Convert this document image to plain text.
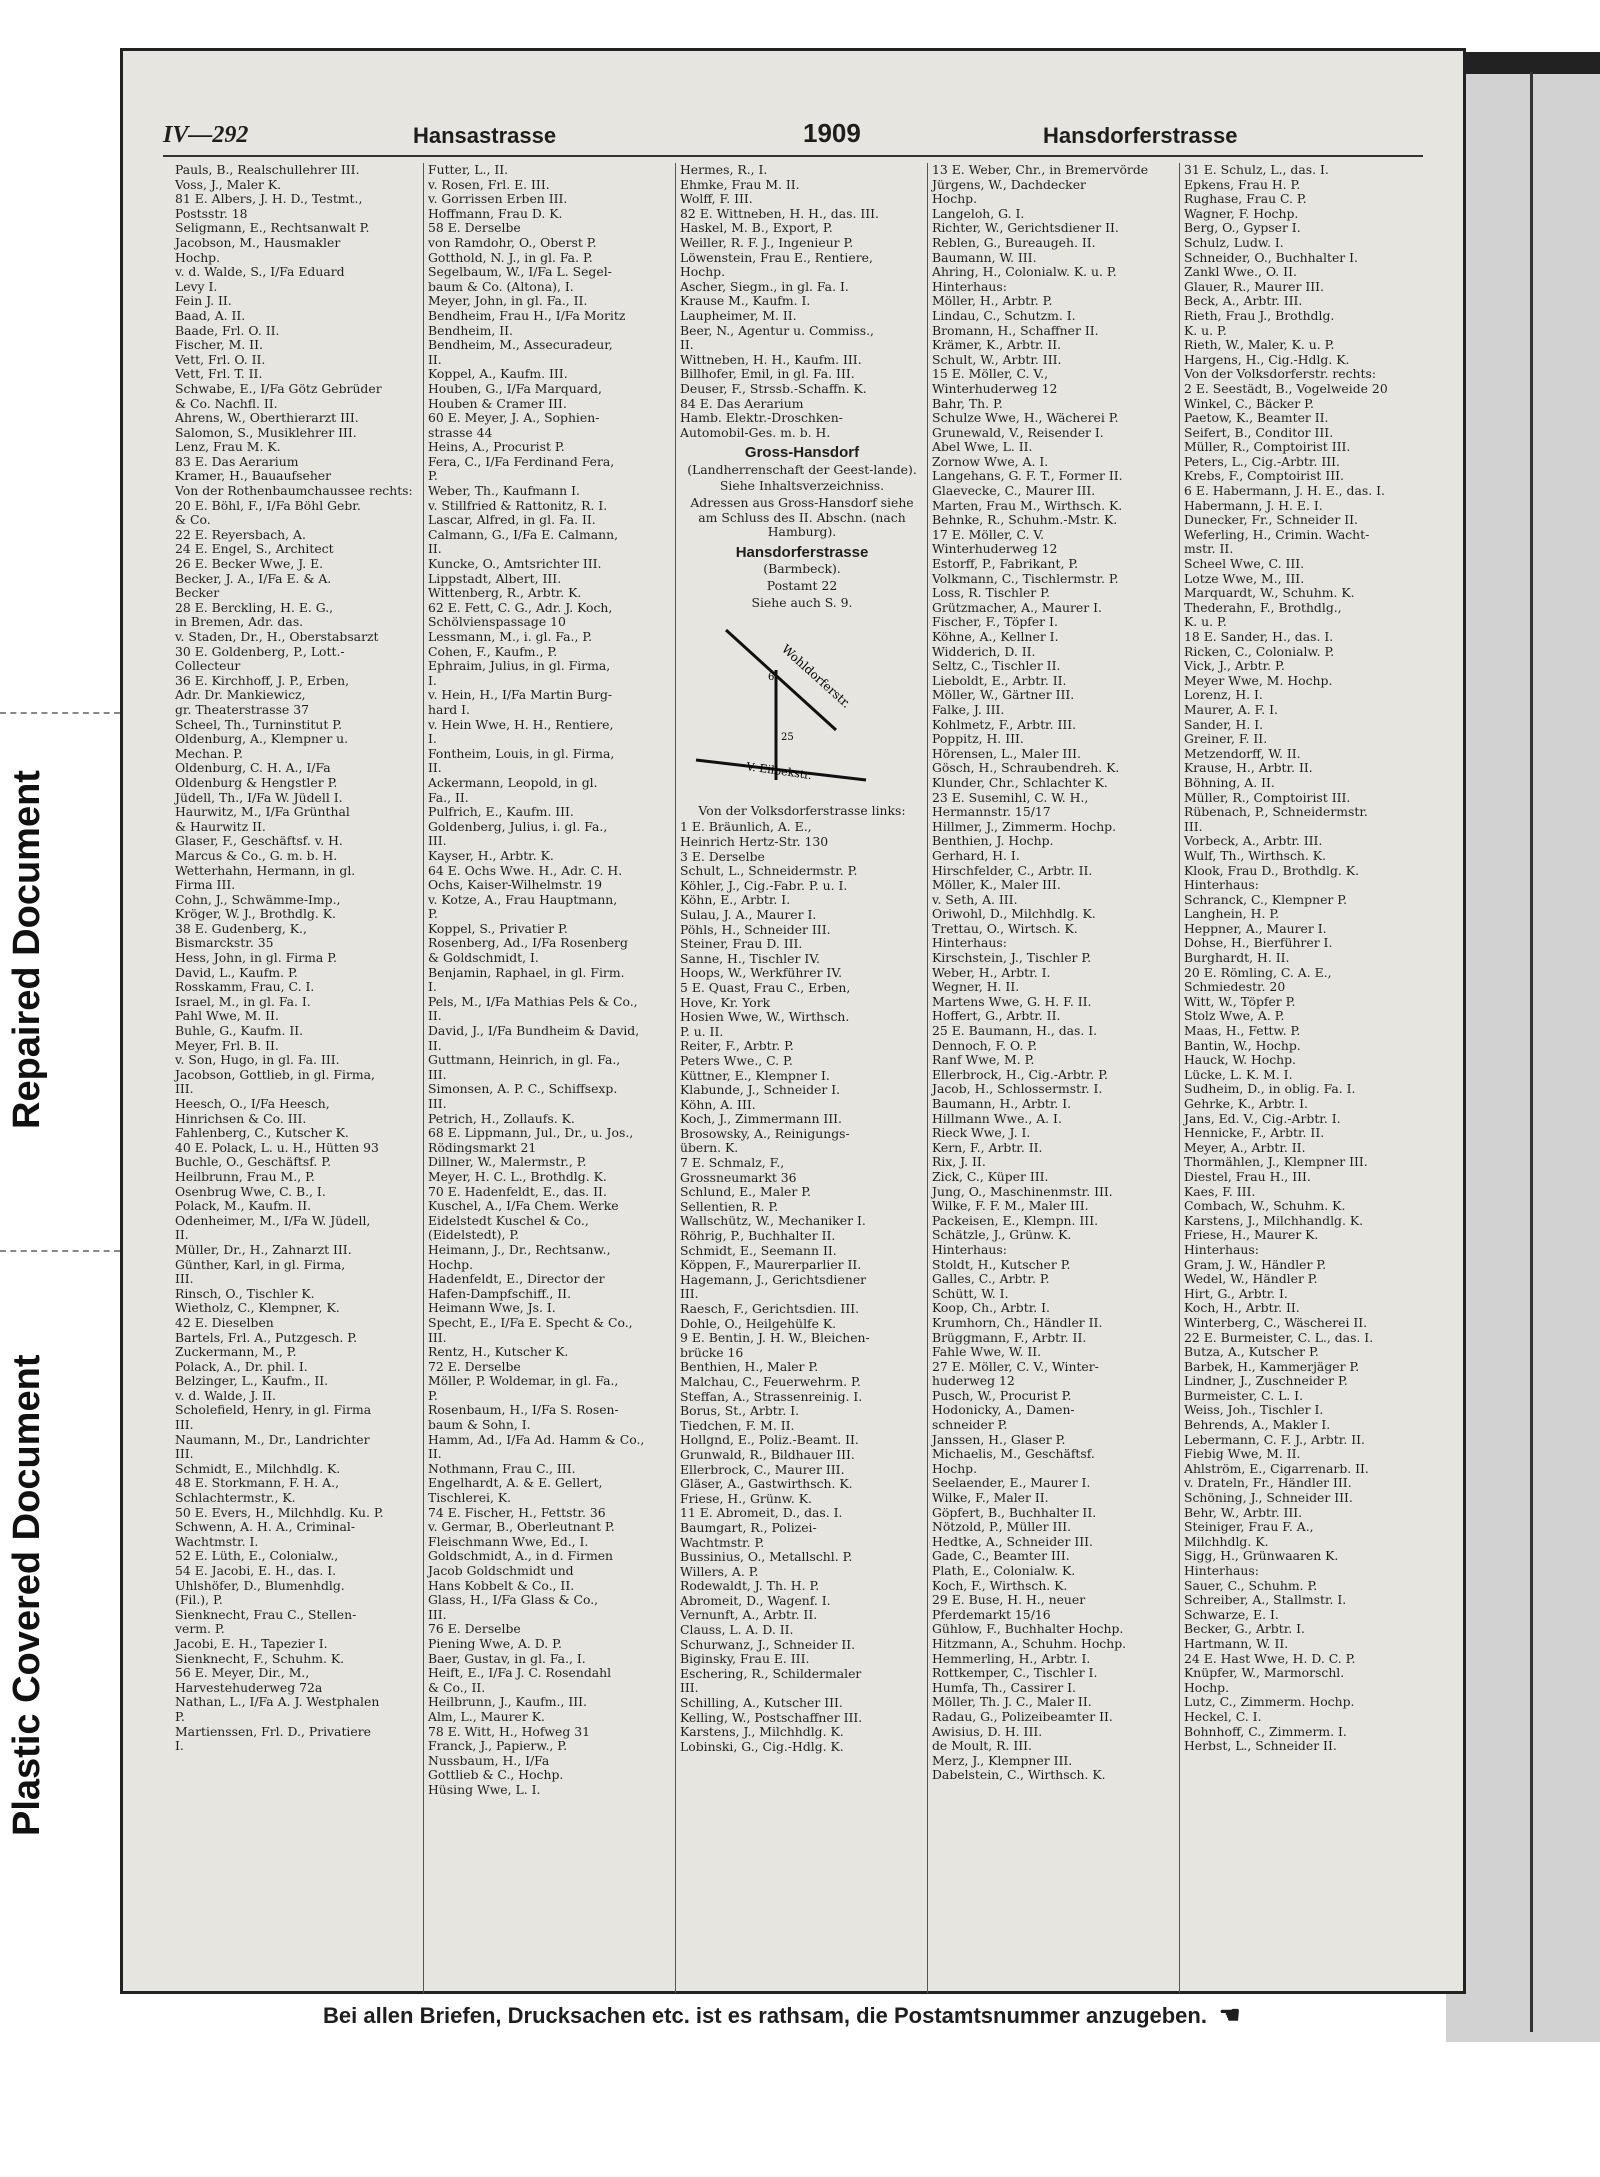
Repaired Document
Plastic Covered Document
IV—292	Hansastrasse	1909	Hansdorferstrasse
Pauls, B., Realschullehrer III.
Voss, J., Maler K.
81 E. Albers, J. H. D., Testmt.,
Postsstr. 18
Seligmann, E., Rechtsanwalt P.
Jacobson, M., Hausmakler
Hochp.
v. d. Walde, S., I/Fa Eduard
Levy I.
Fein J. II.
Baad, A. II.
Baade, Frl. O. II.
Fischer, M. II.
Vett, Frl. O. II.
Vett, Frl. T. II.
Schwabe, E., I/Fa Götz Gebrüder
& Co. Nachfl. II.
Ahrens, W., Oberthierarzt III.
Salomon, S., Musiklehrer III.
Lenz, Frau M. K.
83 E. Das Aerarium
Kramer, H., Bauaufseher
Von der Rothenbaumchaussee rechts:
20 E. Böhl, F., I/Fa Böhl Gebr.
& Co.
22 E. Reyersbach, A.
24 E. Engel, S., Architect
26 E. Becker Wwe, J. E.
Becker, J. A., I/Fa E. & A.
Becker
28 E. Berckling, H. E. G.,
in Bremen, Adr. das.
v. Staden, Dr., H., Oberstabsarzt
30 E. Goldenberg, P., Lott.-
Collecteur
36 E. Kirchhoff, J. P., Erben,
Adr. Dr. Mankiewicz,
gr. Theaterstrasse 37
Scheel, Th., Turninstitut P.
Oldenburg, A., Klempner u.
Mechan. P.
Oldenburg, C. H. A., I/Fa
Oldenburg & Hengstler P.
Jüdell, Th., I/Fa W. Jüdell I.
Haurwitz, M., I/Fa Grünthal
& Haurwitz II.
Glaser, F., Geschäftsf. v. H.
Marcus & Co., G. m. b. H.
Wetterhahn, Hermann, in gl.
Firma III.
Cohn, J., Schwämme-Imp.,
Kröger, W. J., Brothdlg. K.
38 E. Gudenberg, K.,
Bismarckstr. 35
Hess, John, in gl. Firma P.
David, L., Kaufm. P.
Rosskamm, Frau, C. I.
Israel, M., in gl. Fa. I.
Pahl Wwe, M. II.
Buhle, G., Kaufm. II.
Meyer, Frl. B. II.
v. Son, Hugo, in gl. Fa. III.
Jacobson, Gottlieb, in gl. Firma,
III.
Heesch, O., I/Fa Heesch,
Hinrichsen & Co. III.
Fahlenberg, C., Kutscher K.
40 E. Polack, L. u. H., Hütten 93
Buchle, O., Geschäftsf. P.
Heilbrunn, Frau M., P.
Osenbrug Wwe, C. B., I.
Polack, M., Kaufm. II.
Odenheimer, M., I/Fa W. Jüdell,
II.
Müller, Dr., H., Zahnarzt III.
Günther, Karl, in gl. Firma,
III.
Rinsch, O., Tischler K.
Wietholz, C., Klempner, K.
42 E. Dieselben
Bartels, Frl. A., Putzgesch. P.
Zuckermann, M., P.
Polack, A., Dr. phil. I.
Belzinger, L., Kaufm., II.
v. d. Walde, J. II.
Scholefield, Henry, in gl. Firma
III.
Naumann, M., Dr., Landrichter
III.
Schmidt, E., Milchhdlg. K.
48 E. Storkmann, F. H. A.,
Schlachtermstr., K.
50 E. Evers, H., Milchhdlg. Ku. P.
Schwenn, A. H. A., Criminal-
Wachtmstr. I.
52 E. Lüth, E., Colonialw.,
54 E. Jacobi, E. H., das. I.
Uhlshöfer, D., Blumenhdlg.
(Fil.), P.
Sienknecht, Frau C., Stellen-
verm. P.
Jacobi, E. H., Tapezier I.
Sienknecht, F., Schuhm. K.
56 E. Meyer, Dir., M.,
Harvestehuderweg 72a
Nathan, L., I/Fa A. J. Westphalen
P.
Martienssen, Frl. D., Privatiere
I.
Futter, L., II.
v. Rosen, Frl. E. III.
v. Gorrissen Erben III.
Hoffmann, Frau D. K.
58 E. Derselbe
von Ramdohr, O., Oberst P.
Gotthold, N. J., in gl. Fa. P.
Segelbaum, W., I/Fa L. Segel-
baum & Co. (Altona), I.
Meyer, John, in gl. Fa., II.
Bendheim, Frau H., I/Fa Moritz
Bendheim, II.
Bendheim, M., Assecuradeur,
II.
Koppel, A., Kaufm. III.
Houben, G., I/Fa Marquard,
Houben & Cramer III.
60 E. Meyer, J. A., Sophien-
strasse 44
Heins, A., Procurist P.
Fera, C., I/Fa Ferdinand Fera,
P.
Weber, Th., Kaufmann I.
v. Stillfried & Rattonitz, R. I.
Lascar, Alfred, in gl. Fa. II.
Calmann, G., I/Fa E. Calmann,
II.
Kuncke, O., Amtsrichter III.
Lippstadt, Albert, III.
Wittenberg, R., Arbtr. K.
62 E. Fett, C. G., Adr. J. Koch,
Schölvienspassage 10
Lessmann, M., i. gl. Fa., P.
Cohen, F., Kaufm., P.
Ephraim, Julius, in gl. Firma,
I.
v. Hein, H., I/Fa Martin Burg-
hard I.
v. Hein Wwe, H. H., Rentiere,
I.
Fontheim, Louis, in gl. Firma,
II.
Ackermann, Leopold, in gl.
Fa., II.
Pulfrich, E., Kaufm. III.
Goldenberg, Julius, i. gl. Fa.,
III.
Kayser, H., Arbtr. K.
64 E. Ochs Wwe. H., Adr. C. H.
Ochs, Kaiser-Wilhelmstr. 19
v. Kotze, A., Frau Hauptmann,
P.
Koppel, S., Privatier P.
Rosenberg, Ad., I/Fa Rosenberg
& Goldschmidt, I.
Benjamin, Raphael, in gl. Firm.
I.
Pels, M., I/Fa Mathias Pels & Co.,
II.
David, J., I/Fa Bundheim & David,
II.
Guttmann, Heinrich, in gl. Fa.,
III.
Simonsen, A. P. C., Schiffsexp.
III.
Petrich, H., Zollaufs. K.
68 E. Lippmann, Jul., Dr., u. Jos.,
Rödingsmarkt 21
Dillner, W., Malermstr., P.
Meyer, H. C. L., Brothdlg. K.
70 E. Hadenfeldt, E., das. II.
Kuschel, A., I/Fa Chem. Werke
Eidelstedt Kuschel & Co.,
(Eidelstedt), P.
Heimann, J., Dr., Rechtsanw.,
Hochp.
Hadenfeldt, E., Director der
Hafen-Dampfschiff., II.
Heimann Wwe, Js. I.
Specht, E., I/Fa E. Specht & Co.,
III.
Rentz, H., Kutscher K.
72 E. Derselbe
Möller, P. Woldemar, in gl. Fa.,
P.
Rosenbaum, H., I/Fa S. Rosen-
baum & Sohn, I.
Hamm, Ad., I/Fa Ad. Hamm & Co.,
II.
Nothmann, Frau C., III.
Engelhardt, A. & E. Gellert,
Tischlerei, K.
74 E. Fischer, H., Fettstr. 36
v. Germar, B., Oberleutnant P.
Fleischmann Wwe, Ed., I.
Goldschmidt, A., in d. Firmen
Jacob Goldschmidt und
Hans Kobbelt & Co., II.
Glass, H., I/Fa Glass & Co.,
III.
76 E. Derselbe
Piening Wwe, A. D. P.
Baer, Gustav, in gl. Fa., I.
Heift, E., I/Fa J. C. Rosendahl
& Co., II.
Heilbrunn, J., Kaufm., III.
Alm, L., Maurer K.
78 E. Witt, H., Hofweg 31
Franck, J., Papierw., P.
Nussbaum, H., I/Fa
Gottlieb & C., Hochp.
Hüsing Wwe, L. I.
Hermes, R., I.
Ehmke, Frau M. II.
Wolff, F. III.
82 E. Wittneben, H. H., das. III.
Haskel, M. B., Export, P.
Weiller, R. F. J., Ingenieur P.
Löwenstein, Frau E., Rentiere,
Hochp.
Ascher, Siegm., in gl. Fa. I.
Krause M., Kaufm. I.
Laupheimer, M. II.
Beer, N., Agentur u. Commiss.,
II.
Wittneben, H. H., Kaufm. III.
Billhofer, Emil, in gl. Fa. III.
Deuser, F., Strssb.-Schaffn. K.
84 E. Das Aerarium
Hamb. Elektr.-Droschken-
Automobil-Ges. m. b. H.
Gross-Hansdorf

(Landherrenschaft der Geest-lande).

Siehe Inhaltsverzeichniss.

Adressen aus Gross-Hansdorf siehe am Schluss des II. Abschn. (nach Hamburg).

Hansdorferstrasse

(Barmbeck).

Postamt 22

Siehe auch S. 9.

Wohldorferstr.
V. Eilbekstr.
6
25

Von der Volksdorferstrasse links:

1 E. Bräunlich, A. E.,
Heinrich Hertz-Str. 130
3 E. Derselbe
Schult, L., Schneidermstr. P.
Köhler, J., Cig.-Fabr. P. u. I.
Köhn, E., Arbtr. I.
Sulau, J. A., Maurer I.
Pöhls, H., Schneider III.
Steiner, Frau D. III.
Sanne, H., Tischler IV.
Hoops, W., Werkführer IV.
5 E. Quast, Frau C., Erben,
Hove, Kr. York
Hosien Wwe, W., Wirthsch.
P. u. II.
Reiter, F., Arbtr. P.
Peters Wwe., C. P.
Küttner, E., Klempner I.
Klabunde, J., Schneider I.
Köhn, A. III.
Koch, J., Zimmermann III.
Brosowsky, A., Reinigungs-
übern. K.
7 E. Schmalz, F.,
Grossneumarkt 36
Schlund, E., Maler P.
Sellentien, R. P.
Wallschütz, W., Mechaniker I.
Röhrig, P., Buchhalter II.
Schmidt, E., Seemann II.
Köppen, F., Maurerparlier II.
Hagemann, J., Gerichtsdiener
III.
Raesch, F., Gerichtsdien. III.
Dohle, O., Heilgehülfe K.
9 E. Bentin, J. H. W., Bleichen-
brücke 16
Benthien, H., Maler P.
Malchau, C., Feuerwehrm. P.
Steffan, A., Strassenreinig. I.
Borus, St., Arbtr. I.
Tiedchen, F. M. II.
Hollgnd, E., Poliz.-Beamt. II.
Grunwald, R., Bildhauer III.
Ellerbrock, C., Maurer III.
Gläser, A., Gastwirthsch. K.
Friese, H., Grünw. K.
11 E. Abromeit, D., das. I.
Baumgart, R., Polizei-
Wachtmstr. P.
Bussinius, O., Metallschl. P.
Willers, A. P.
Rodewaldt, J. Th. H. P.
Abromeit, D., Wagenf. I.
Vernunft, A., Arbtr. II.
Clauss, L. A. D. II.
Schurwanz, J., Schneider II.
Biginsky, Frau E. III.
Eschering, R., Schildermaler
III.
Schilling, A., Kutscher III.
Kelling, W., Postschaffner III.
Karstens, J., Milchhdlg. K.
Lobinski, G., Cig.-Hdlg. K.
13 E. Weber, Chr., in Bremervörde
Jürgens, W., Dachdecker
Hochp.
Langeloh, G. I.
Richter, W., Gerichtsdiener II.
Reblen, G., Bureaugeh. II.
Baumann, W. III.
Ahring, H., Colonialw. K. u. P.
Hinterhaus:
Möller, H., Arbtr. P.
Lindau, C., Schutzm. I.
Bromann, H., Schaffner II.
Krämer, K., Arbtr. II.
Schult, W., Arbtr. III.
15 E. Möller, C. V.,
Winterhuderweg 12
Bahr, Th. P.
Schulze Wwe, H., Wächerei P.
Grunewald, V., Reisender I.
Abel Wwe, L. II.
Zornow Wwe, A. I.
Langehans, G. F. T., Former II.
Glaevecke, C., Maurer III.
Marten, Frau M., Wirthsch. K.
Behnke, R., Schuhm.-Mstr. K.
17 E. Möller, C. V.
Winterhuderweg 12
Estorff, P., Fabrikant, P.
Volkmann, C., Tischlermstr. P.
Loss, R. Tischler P.
Grützmacher, A., Maurer I.
Fischer, F., Töpfer I.
Köhne, A., Kellner I.
Widderich, D. II.
Seltz, C., Tischler II.
Lieboldt, E., Arbtr. II.
Möller, W., Gärtner III.
Falke, J. III.
Kohlmetz, F., Arbtr. III.
Poppitz, H. III.
Hörensen, L., Maler III.
Gösch, H., Schraubendreh. K.
Klunder, Chr., Schlachter K.
23 E. Susemihl, C. W. H.,
Hermannstr. 15/17
Hillmer, J., Zimmerm. Hochp.
Benthien, J. Hochp.
Gerhard, H. I.
Hirschfelder, C., Arbtr. II.
Möller, K., Maler III.
v. Seth, A. III.
Oriwohl, D., Milchhdlg. K.
Trettau, O., Wirtsch. K.
Hinterhaus:
Kirschstein, J., Tischler P.
Weber, H., Arbtr. I.
Wegner, H. II.
Martens Wwe, G. H. F. II.
Hoffert, G., Arbtr. II.
25 E. Baumann, H., das. I.
Dennoch, F. O. P.
Ranf Wwe, M. P.
Ellerbrock, H., Cig.-Arbtr. P.
Jacob, H., Schlossermstr. I.
Baumann, H., Arbtr. I.
Hillmann Wwe., A. I.
Rieck Wwe, J. I.
Kern, F., Arbtr. II.
Rix, J. II.
Zick, C., Küper III.
Jung, O., Maschinenmstr. III.
Wilke, F. F. M., Maler III.
Packeisen, E., Klempn. III.
Schätzle, J., Grünw. K.
Hinterhaus:
Stoldt, H., Kutscher P.
Galles, C., Arbtr. P.
Schütt, W. I.
Koop, Ch., Arbtr. I.
Krumhorn, Ch., Händler II.
Brüggmann, F., Arbtr. II.
Fahle Wwe, W. II.
27 E. Möller, C. V., Winter-
huderweg 12
Pusch, W., Procurist P.
Hodonicky, A., Damen-
schneider P.
Janssen, H., Glaser P.
Michaelis, M., Geschäftsf.
Hochp.
Seelaender, E., Maurer I.
Wilke, F., Maler II.
Göpfert, B., Buchhalter II.
Nötzold, P., Müller III.
Hedtke, A., Schneider III.
Gade, C., Beamter III.
Plath, E., Colonialw. K.
Koch, F., Wirthsch. K.
29 E. Buse, H. H., neuer
Pferdemarkt 15/16
Gühlow, F., Buchhalter Hochp.
Hitzmann, A., Schuhm. Hochp.
Hemmerling, H., Arbtr. I.
Rottkemper, C., Tischler I.
Humfa, Th., Cassirer I.
Möller, Th. J. C., Maler II.
Radau, G., Polizeibeamter II.
Awisius, D. H. III.
de Moult, R. III.
Merz, J., Klempner III.
Dabelstein, C., Wirthsch. K.
31 E. Schulz, L., das. I.
Epkens, Frau H. P.
Rughase, Frau C. P.
Wagner, F. Hochp.
Berg, O., Gypser I.
Schulz, Ludw. I.
Schneider, O., Buchhalter I.
Zankl Wwe., O. II.
Glauer, R., Maurer III.
Beck, A., Arbtr. III.
Rieth, Frau J., Brothdlg.
K. u. P.
Rieth, W., Maler, K. u. P.
Hargens, H., Cig.-Hdlg. K.
Von der Volksdorferstr. rechts:
2 E. Seestädt, B., Vogelweide 20
Winkel, C., Bäcker P.
Paetow, K., Beamter II.
Seifert, B., Conditor III.
Müller, R., Comptoirist III.
Peters, L., Cig.-Arbtr. III.
Krebs, F., Comptoirist III.
6 E. Habermann, J. H. E., das. I.
Habermann, J. H. E. I.
Dunecker, Fr., Schneider II.
Weferling, H., Crimin. Wacht-
mstr. II.
Scheel Wwe, C. III.
Lotze Wwe, M., III.
Marquardt, W., Schuhm. K.
Thederahn, F., Brothdlg.,
K. u. P.
18 E. Sander, H., das. I.
Ricken, C., Colonialw. P.
Vick, J., Arbtr. P.
Meyer Wwe, M. Hochp.
Lorenz, H. I.
Maurer, A. F. I.
Sander, H. I.
Greiner, F. II.
Metzendorff, W. II.
Krause, H., Arbtr. II.
Böhning, A. II.
Müller, R., Comptoirist III.
Rübenach, P., Schneidermstr.
III.
Vorbeck, A., Arbtr. III.
Wulf, Th., Wirthsch. K.
Klook, Frau D., Brothdlg. K.
Hinterhaus:
Schranck, C., Klempner P.
Langhein, H. P.
Heppner, A., Maurer I.
Dohse, H., Bierführer I.
Burghardt, H. II.
20 E. Römling, C. A. E.,
Schmiedestr. 20
Witt, W., Töpfer P.
Stolz Wwe, A. P.
Maas, H., Fettw. P.
Bantin, W., Hochp.
Hauck, W. Hochp.
Lücke, L. K. M. I.
Sudheim, D., in oblig. Fa. I.
Gehrke, K., Arbtr. I.
Jans, Ed. V., Cig.-Arbtr. I.
Hennicke, F., Arbtr. II.
Meyer, A., Arbtr. II.
Thormählen, J., Klempner III.
Diestel, Frau H., III.
Kaes, F. III.
Combach, W., Schuhm. K.
Karstens, J., Milchhandlg. K.
Friese, H., Maurer K.
Hinterhaus:
Gram, J. W., Händler P.
Wedel, W., Händler P.
Hirt, G., Arbtr. I.
Koch, H., Arbtr. II.
Winterberg, C., Wäscherei II.
22 E. Burmeister, C. L., das. I.
Butza, A., Kutscher P.
Barbek, H., Kammerjäger P.
Lindner, J., Zuschneider P.
Burmeister, C. L. I.
Weiss, Joh., Tischler I.
Behrends, A., Makler I.
Lebermann, C. F. J., Arbtr. II.
Fiebig Wwe, M. II.
Ahlström, E., Cigarrenarb. II.
v. Drateln, Fr., Händler III.
Schöning, J., Schneider III.
Behr, W., Arbtr. III.
Steiniger, Frau F. A.,
Milchhdlg. K.
Sigg, H., Grünwaaren K.
Hinterhaus:
Sauer, C., Schuhm. P.
Schreiber, A., Stallmstr. I.
Schwarze, E. I.
Becker, G., Arbtr. I.
Hartmann, W. II.
24 E. Hast Wwe, H. D. C. P.
Knüpfer, W., Marmorschl.
Hochp.
Lutz, C., Zimmerm. Hochp.
Heckel, C. I.
Bohnhoff, C., Zimmerm. I.
Herbst, L., Schneider II.
Bei allen Briefen, Drucksachen etc. ist es rathsam, die Postamtsnummer anzugeben. ☚
